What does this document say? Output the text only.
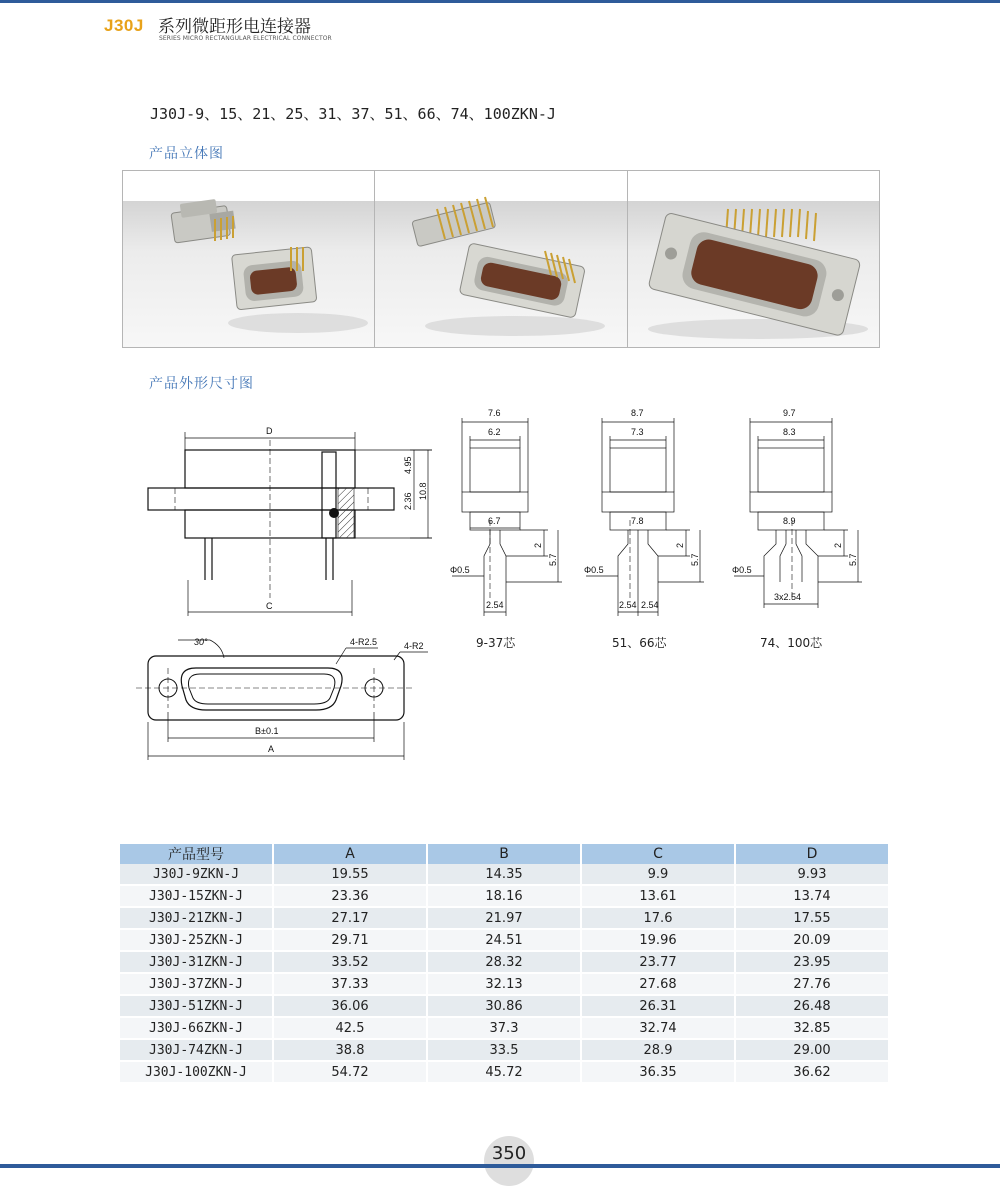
J30J 系列微距形电连接器
SERIES MICRO RECTANGULAR ELECTRICAL CONNECTOR
J30J-9、15、21、25、31、37、51、66、74、100ZKN-J
产品立体图
产品外形尺寸图
D
C
B±0.1
A
30°	4-R2.5	4-R2
7.6
6.2
6.7
2.54
Φ0.5
8.7
7.3
7.8
2.54 2.54
Φ0.5
9.7
8.3
8.9
3x2.54
Φ0.5
4.95
10.8
2.36
2
5.7
2
5.7
2
5.7
9-37芯	51、66芯	74、100芯
产品型号	A	B	C	D
J30J-9ZKN-J	19.55	14.35	9.9	9.93
J30J-15ZKN-J	23.36	18.16	13.61	13.74
J30J-21ZKN-J	27.17	21.97	17.6	17.55
J30J-25ZKN-J	29.71	24.51	19.96	20.09
J30J-31ZKN-J	33.52	28.32	23.77	23.95
J30J-37ZKN-J	37.33	32.13	27.68	27.76
J30J-51ZKN-J	36.06	30.86	26.31	26.48
J30J-66ZKN-J	42.5	37.3	32.74	32.85
J30J-74ZKN-J	38.8	33.5	28.9	29.00
J30J-100ZKN-J	54.72	45.72	36.35	36.62
350
